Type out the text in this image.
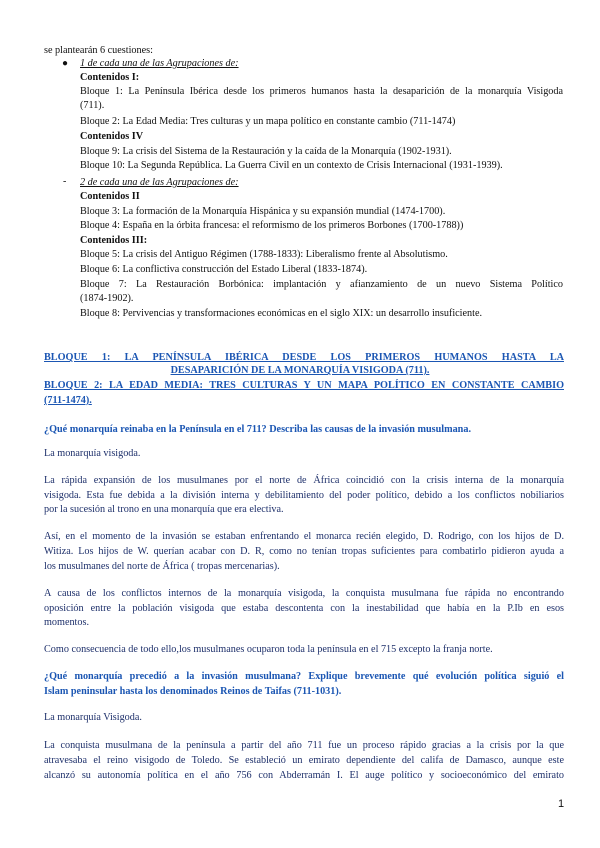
se plantearán 6 cuestiones:
● 1 de cada una de las Agrupaciones de:
Contenidos I:
Bloque 1: La Península Ibérica desde los primeros humanos hasta la desaparición de la monarquía Visigoda
(711).
Bloque 2: La Edad Media: Tres culturas y un mapa político en constante cambio (711-1474)
Contenidos IV
Bloque 9: La crisis del Sistema de la Restauración y la caída de la Monarquía (1902-1931).
Bloque 10: La Segunda República. La Guerra Civil en un contexto de Crisis Internacional (1931-1939).
- 2 de cada una de las Agrupaciones de:
Contenidos II
Bloque 3: La formación de la Monarquía Hispánica y su expansión mundial (1474-1700).
Bloque 4: España en la órbita francesa: el reformismo de los primeros Borbones (1700-1788))
Contenidos III:
Bloque 5: La crisis del Antiguo Régimen (1788-1833): Liberalismo frente al Absolutismo.
Bloque 6: La conflictiva construcción del Estado Liberal (1833-1874).
Bloque 7: La Restauración Borbónica: implantación y afianzamiento de un nuevo Sistema Político
(1874-1902).
Bloque 8: Pervivencias y transformaciones económicas en el siglo XIX: un desarrollo insuficiente.
BLOQUE 1: LA PENÍNSULA IBÉRICA DESDE LOS PRIMEROS HUMANOS HASTA LA
DESAPARICIÓN DE LA MONARQUÍA VISIGODA (711).
BLOQUE 2: LA EDAD MEDIA: TRES CULTURAS Y UN MAPA POLÍTICO EN CONSTANTE CAMBIO
(711-1474).
¿Qué monarquía reinaba en la Península en el 711? Describa las causas de la invasión musulmana.
La monarquía visigoda.
La rápida expansión de los musulmanes por el norte de África coincidió con la crisis interna de la monarquía
visigoda. Esta fue debida a la división interna y debilitamiento del poder político, debido a los conflictos nobiliarios
por la sucesión al trono en una monarquía que era electiva.
Así, en el momento de la invasión se estaban enfrentando el monarca recién elegido, D. Rodrigo, con los hijos de D.
Witiza. Los hijos de W. querían acabar con D. R, como no tenían tropas suficientes para combatirlo pidieron ayuda a
los musulmanes del norte de África ( tropas mercenarias).
A causa de los conflictos internos de la monarquía visigoda, la conquista musulmana fue rápida no encontrando
oposición entre la población visigoda que estaba descontenta con la inestabilidad que había en la P.Ib en esos
momentos.
Como consecuencia de todo ello,los musulmanes ocuparon toda la península en el 715 excepto la franja norte.
¿Qué monarquía precedió a la invasión musulmana? Explique brevemente qué evolución política siguió el
Islam peninsular hasta los denominados Reinos de Taifas (711-1031).
La monarquía Visigoda.
La conquista musulmana de la península a partir del año 711 fue un proceso rápido gracias a la crisis por la que
atravesaba el reino visigodo de Toledo. Se estableció un emirato dependiente del califa de Damasco, aunque este
alcanzó su autonomía política en el año 756 con Abderramán I. El auge político y socioeconómico del emirato
1
